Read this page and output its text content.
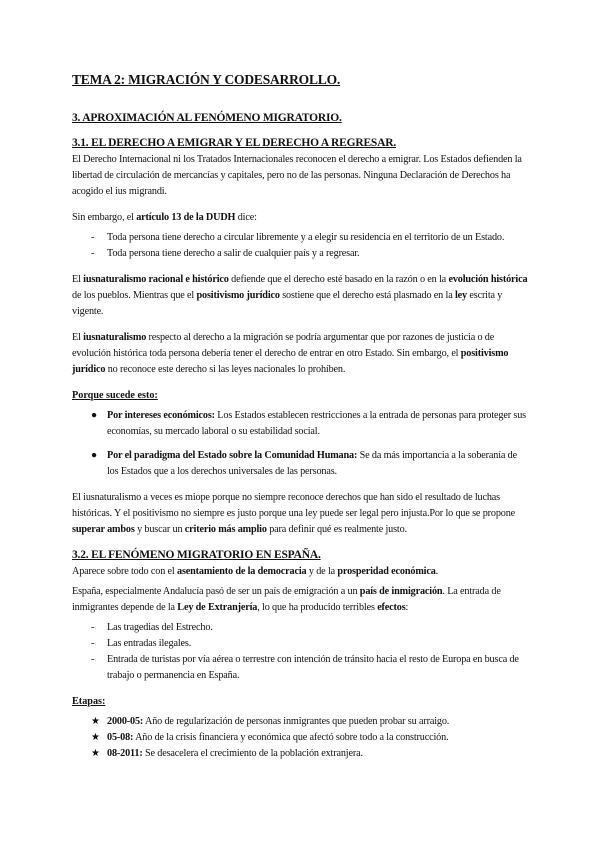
TEMA 2: MIGRACIÓN Y CODESARROLLO.
3. APROXIMACIÓN AL FENÓMENO MIGRATORIO.
3.1. EL DERECHO A EMIGRAR Y EL DERECHO A REGRESAR.

El Derecho Internacional ni los Tratados Internacionales reconocen el derecho a emigrar. Los Estados defienden la libertad de circulación de mercancías y capitales, pero no de las personas. Ninguna Declaración de Derechos ha acogido el ius migrandi.

Sin embargo, el artículo 13 de la DUDH dice:

- Toda persona tiene derecho a circular libremente y a elegir su residencia en el territorio de un Estado.
- Toda persona tiene derecho a salir de cualquier país y a regresar.

El iusnaturalismo racional e histórico defiende que el derecho esté basado en la razón o en la evolución histórica de los pueblos. Mientras que el positivismo jurídico sostiene que el derecho está plasmado en la ley escrita y vigente.

El iusnaturalismo respecto al derecho a la migración se podría argumentar que por razones de justicia o de evolución histórica toda persona debería tener el derecho de entrar en otro Estado. Sin embargo, el positivismo jurídico no reconoce este derecho si las leyes nacionales lo prohíben.

Porque sucede esto:
● Por intereses económicos: Los Estados establecen restricciones a la entrada de personas para proteger sus economías, su mercado laboral o su estabilidad social.
● Por el paradigma del Estado sobre la Comunidad Humana: Se da más importancia a la soberanía de los Estados que a los derechos universales de las personas.

El iusnaturalismo a veces es miope porque no siempre reconoce derechos que han sido el resultado de luchas históricas. Y el positivismo no siempre es justo porque una ley puede ser legal pero injusta.Por lo que se propone superar ambos y buscar un criterio más amplio para definir qué es realmente justo.

3.2. EL FENÓMENO MIGRATORIO EN ESPAÑA.

Aparece sobre todo con el asentamiento de la democracia y de la prosperidad económica.

España, especialmente Andalucía pasó de ser un país de emigración a un país de inmigración. La entrada de inmigrantes depende de la Ley de Extranjería, lo que ha producido terribles efectos:

- Las tragedias del Estrecho.
- Las entradas ilegales.
- Entrada de turistas por vía aérea o terrestre con intención de tránsito hacia el resto de Europa en busca de trabajo o permanencia en España.
Etapas:
★ 2000-05: Año de regularización de personas inmigrantes que pueden probar su arraigo.
★ 05-08: Año de la crisis financiera y económica que afectó sobre todo a la construcción.
★ 08-2011: Se desacelera el crecimiento de la población extranjera.
